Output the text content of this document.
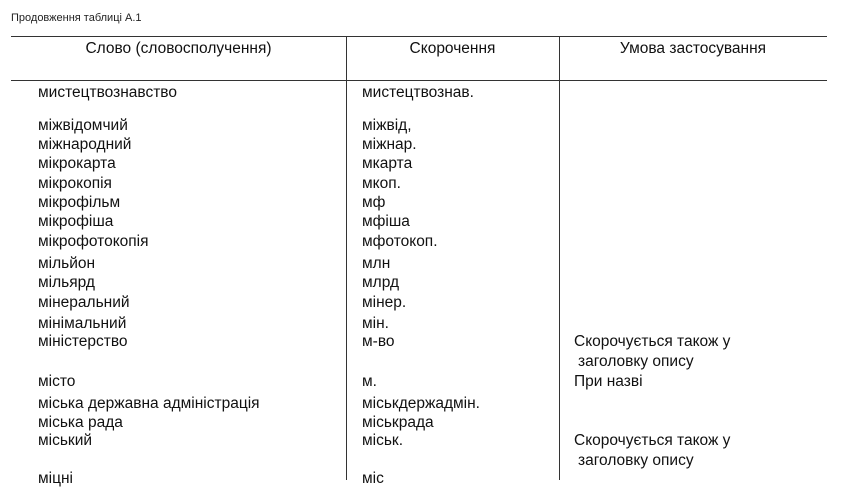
Продовження таблиці А.1
Слово (словосполучення)	Скорочення	Умова застосування
мистецтвознавство	мистецтвознав.
міжвідомчий	міжвід,
міжнародний	міжнар.
мікрокарта	мкарта
мікрокопія	мкоп.
мікрофільм	мф
мікрофіша	мфіша
мікрофотокопія	мфотокоп.
мільйон	млн
мільярд	млрд
мінеральний	мінер.
мінімальний	мін.
міністерство	м-во	Скорочується також у
заголовку опису
місто	м.	При назві
міська державна адміністрація	міськдержадмін.
міська рада	міськрада
міський	міськ.	Скорочується також у
заголовку опису
міцні	міс
